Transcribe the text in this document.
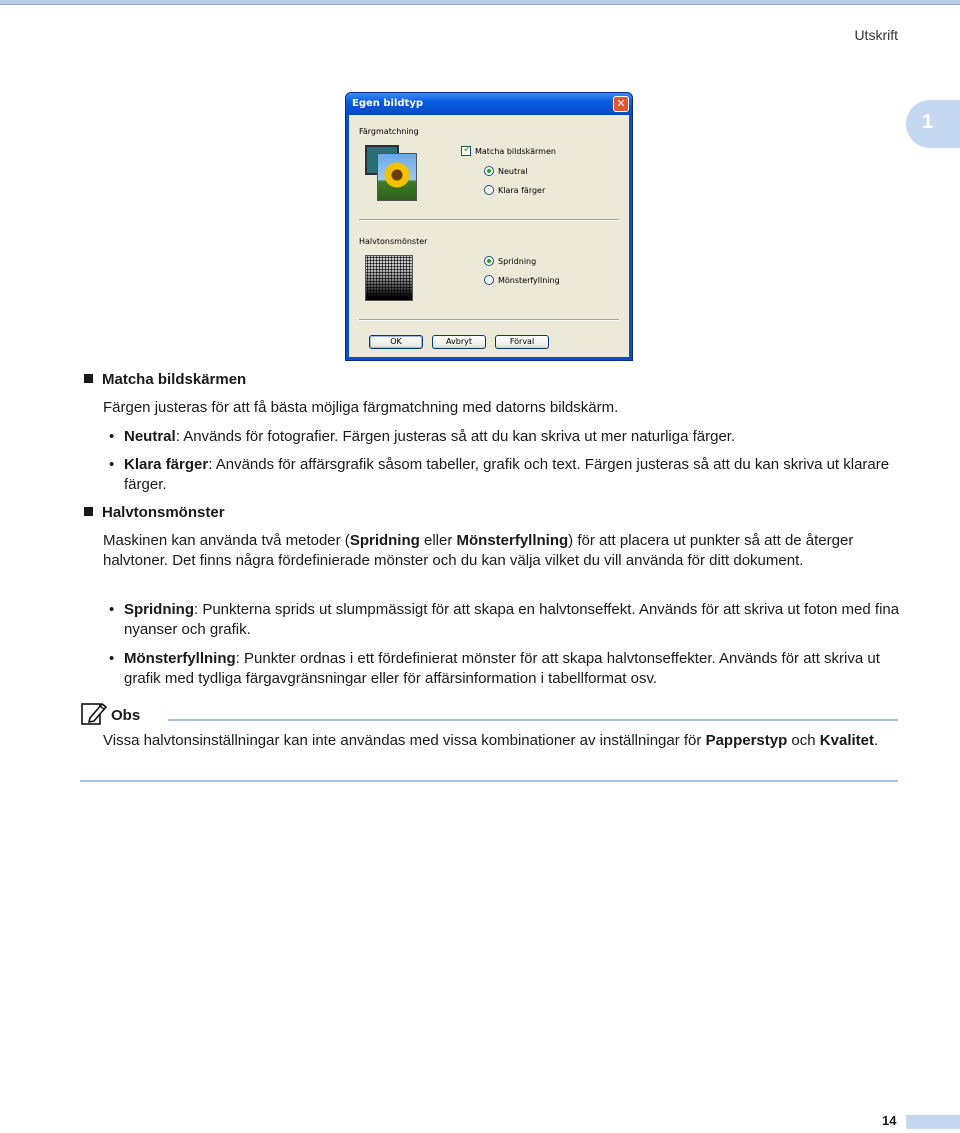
Utskrift
1
Egen bildtyp	✕
Färgmatchning
✓
Matcha bildskärmen
Neutral
Klara färger
Halvtonsmönster
Spridning
Mönsterfyllning
OK	Avbryt	Förval
Matcha bildskärmen
Färgen justeras för att få bästa möjliga färgmatchning med datorns bildskärm.
• Neutral: Används för fotografier. Färgen justeras så att du kan skriva ut mer naturliga färger.
• Klara färger: Används för affärsgrafik såsom tabeller, grafik och text. Färgen justeras så att du kan skriva ut klarare färger.
Halvtonsmönster
Maskinen kan använda två metoder (Spridning eller Mönsterfyllning) för att placera ut punkter så att de återger halvtoner. Det finns några fördefinierade mönster och du kan välja vilket du vill använda för ditt dokument.
• Spridning: Punkterna sprids ut slumpmässigt för att skapa en halvtonseffekt. Används för att skriva ut foton med fina nyanser och grafik.
• Mönsterfyllning: Punkter ordnas i ett fördefinierat mönster för att skapa halvtonseffekter. Används för att skriva ut grafik med tydliga färgavgränsningar eller för affärsinformation i tabellformat osv.
Obs
Vissa halvtonsinställningar kan inte användas med vissa kombinationer av inställningar för Papperstyp och Kvalitet.
14
